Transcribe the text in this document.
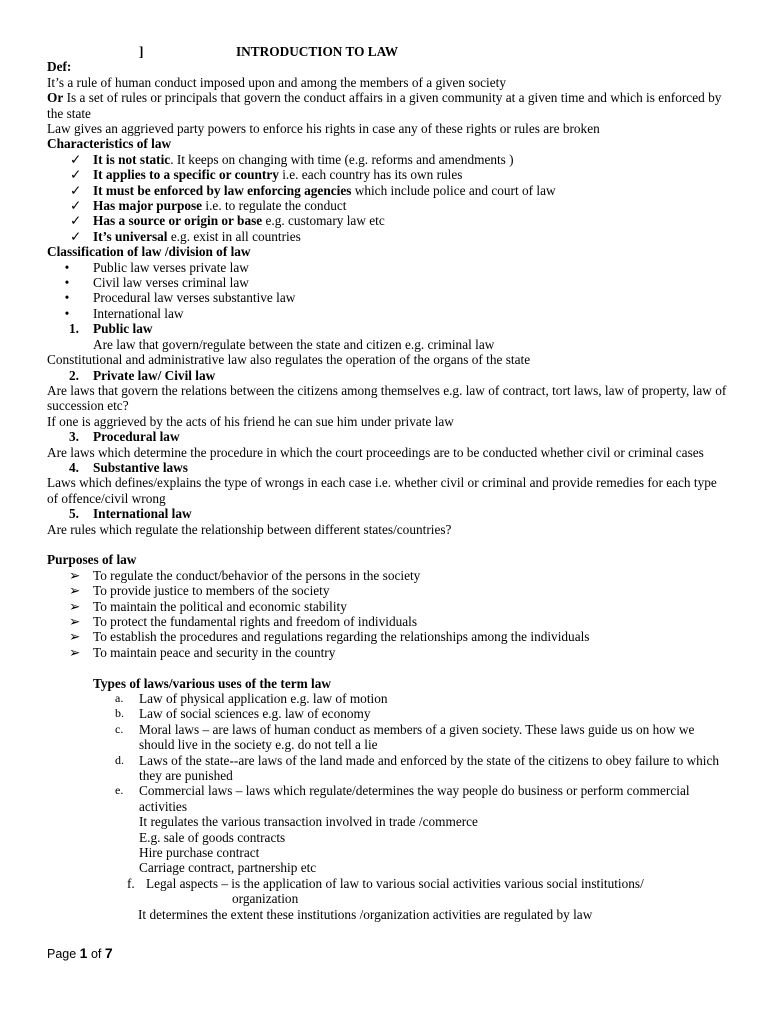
]	INTRODUCTION TO LAW
Def:
It’s a rule of human conduct imposed upon and among the members of a given society
Or Is a set of rules or principals that govern the conduct affairs in a given community at a given time and which is enforced by the state
Law gives an aggrieved party powers to enforce his rights in case any of these rights or rules are broken
Characteristics of law
✓ It is not static. It keeps on changing with time (e.g. reforms and amendments )
✓ It applies to a specific or country i.e. each country has its own rules
✓ It must be enforced by law enforcing agencies which include police and court of law
✓ Has major purpose i.e. to regulate the conduct
✓ Has a source or origin or base e.g. customary law etc
✓ It’s universal e.g. exist in all countries
Classification of law /division of law
•	Public law verses private law
•	Civil law verses criminal law
•	Procedural law verses substantive law
•	International law
1. Public law
Are law that govern/regulate between the state and citizen e.g. criminal law
Constitutional and administrative law also regulates the operation of the organs of the state
2. Private law/ Civil law
Are laws that govern the relations between the citizens among themselves e.g. law of contract, tort laws, law of property, law of succession etc?
If one is aggrieved by the acts of his friend he can sue him under private law
3. Procedural law
Are laws which determine the procedure in which the court proceedings are to be conducted whether civil or criminal cases
4. Substantive laws
Laws which defines/explains the type of wrongs in each case i.e. whether civil or criminal and provide remedies for each type of offence/civil wrong
5. International law
Are rules which regulate the relationship between different states/countries?
Purposes of law
➢ To regulate the conduct/behavior of the persons in the society
➢ To provide justice to members of the society
➢ To maintain the political and economic stability
➢ To protect the fundamental rights and freedom of individuals
➢ To establish the procedures and regulations regarding the relationships among the individuals
➢ To maintain peace and security in the country
Types of laws/various uses of the term law
a. Law of physical application e.g. law of motion
b. Law of social sciences e.g. law of economy
c. Moral laws – are laws of human conduct as members of a given society. These laws guide us on how we should live in the society e.g. do not tell a lie
d. Laws of the state--are laws of the land made and enforced by the state of the citizens to obey failure to which they are punished
e. Commercial laws – laws which regulate/determines the way people do business or perform commercial activities
It regulates the various transaction involved in trade /commerce
E.g. sale of goods contracts
Hire purchase contract
Carriage contract, partnership etc
f. Legal aspects – is the application of law to various social activities various social institutions/
organization
It determines the extent these institutions /organization activities are regulated by law
Page 1 of 7
